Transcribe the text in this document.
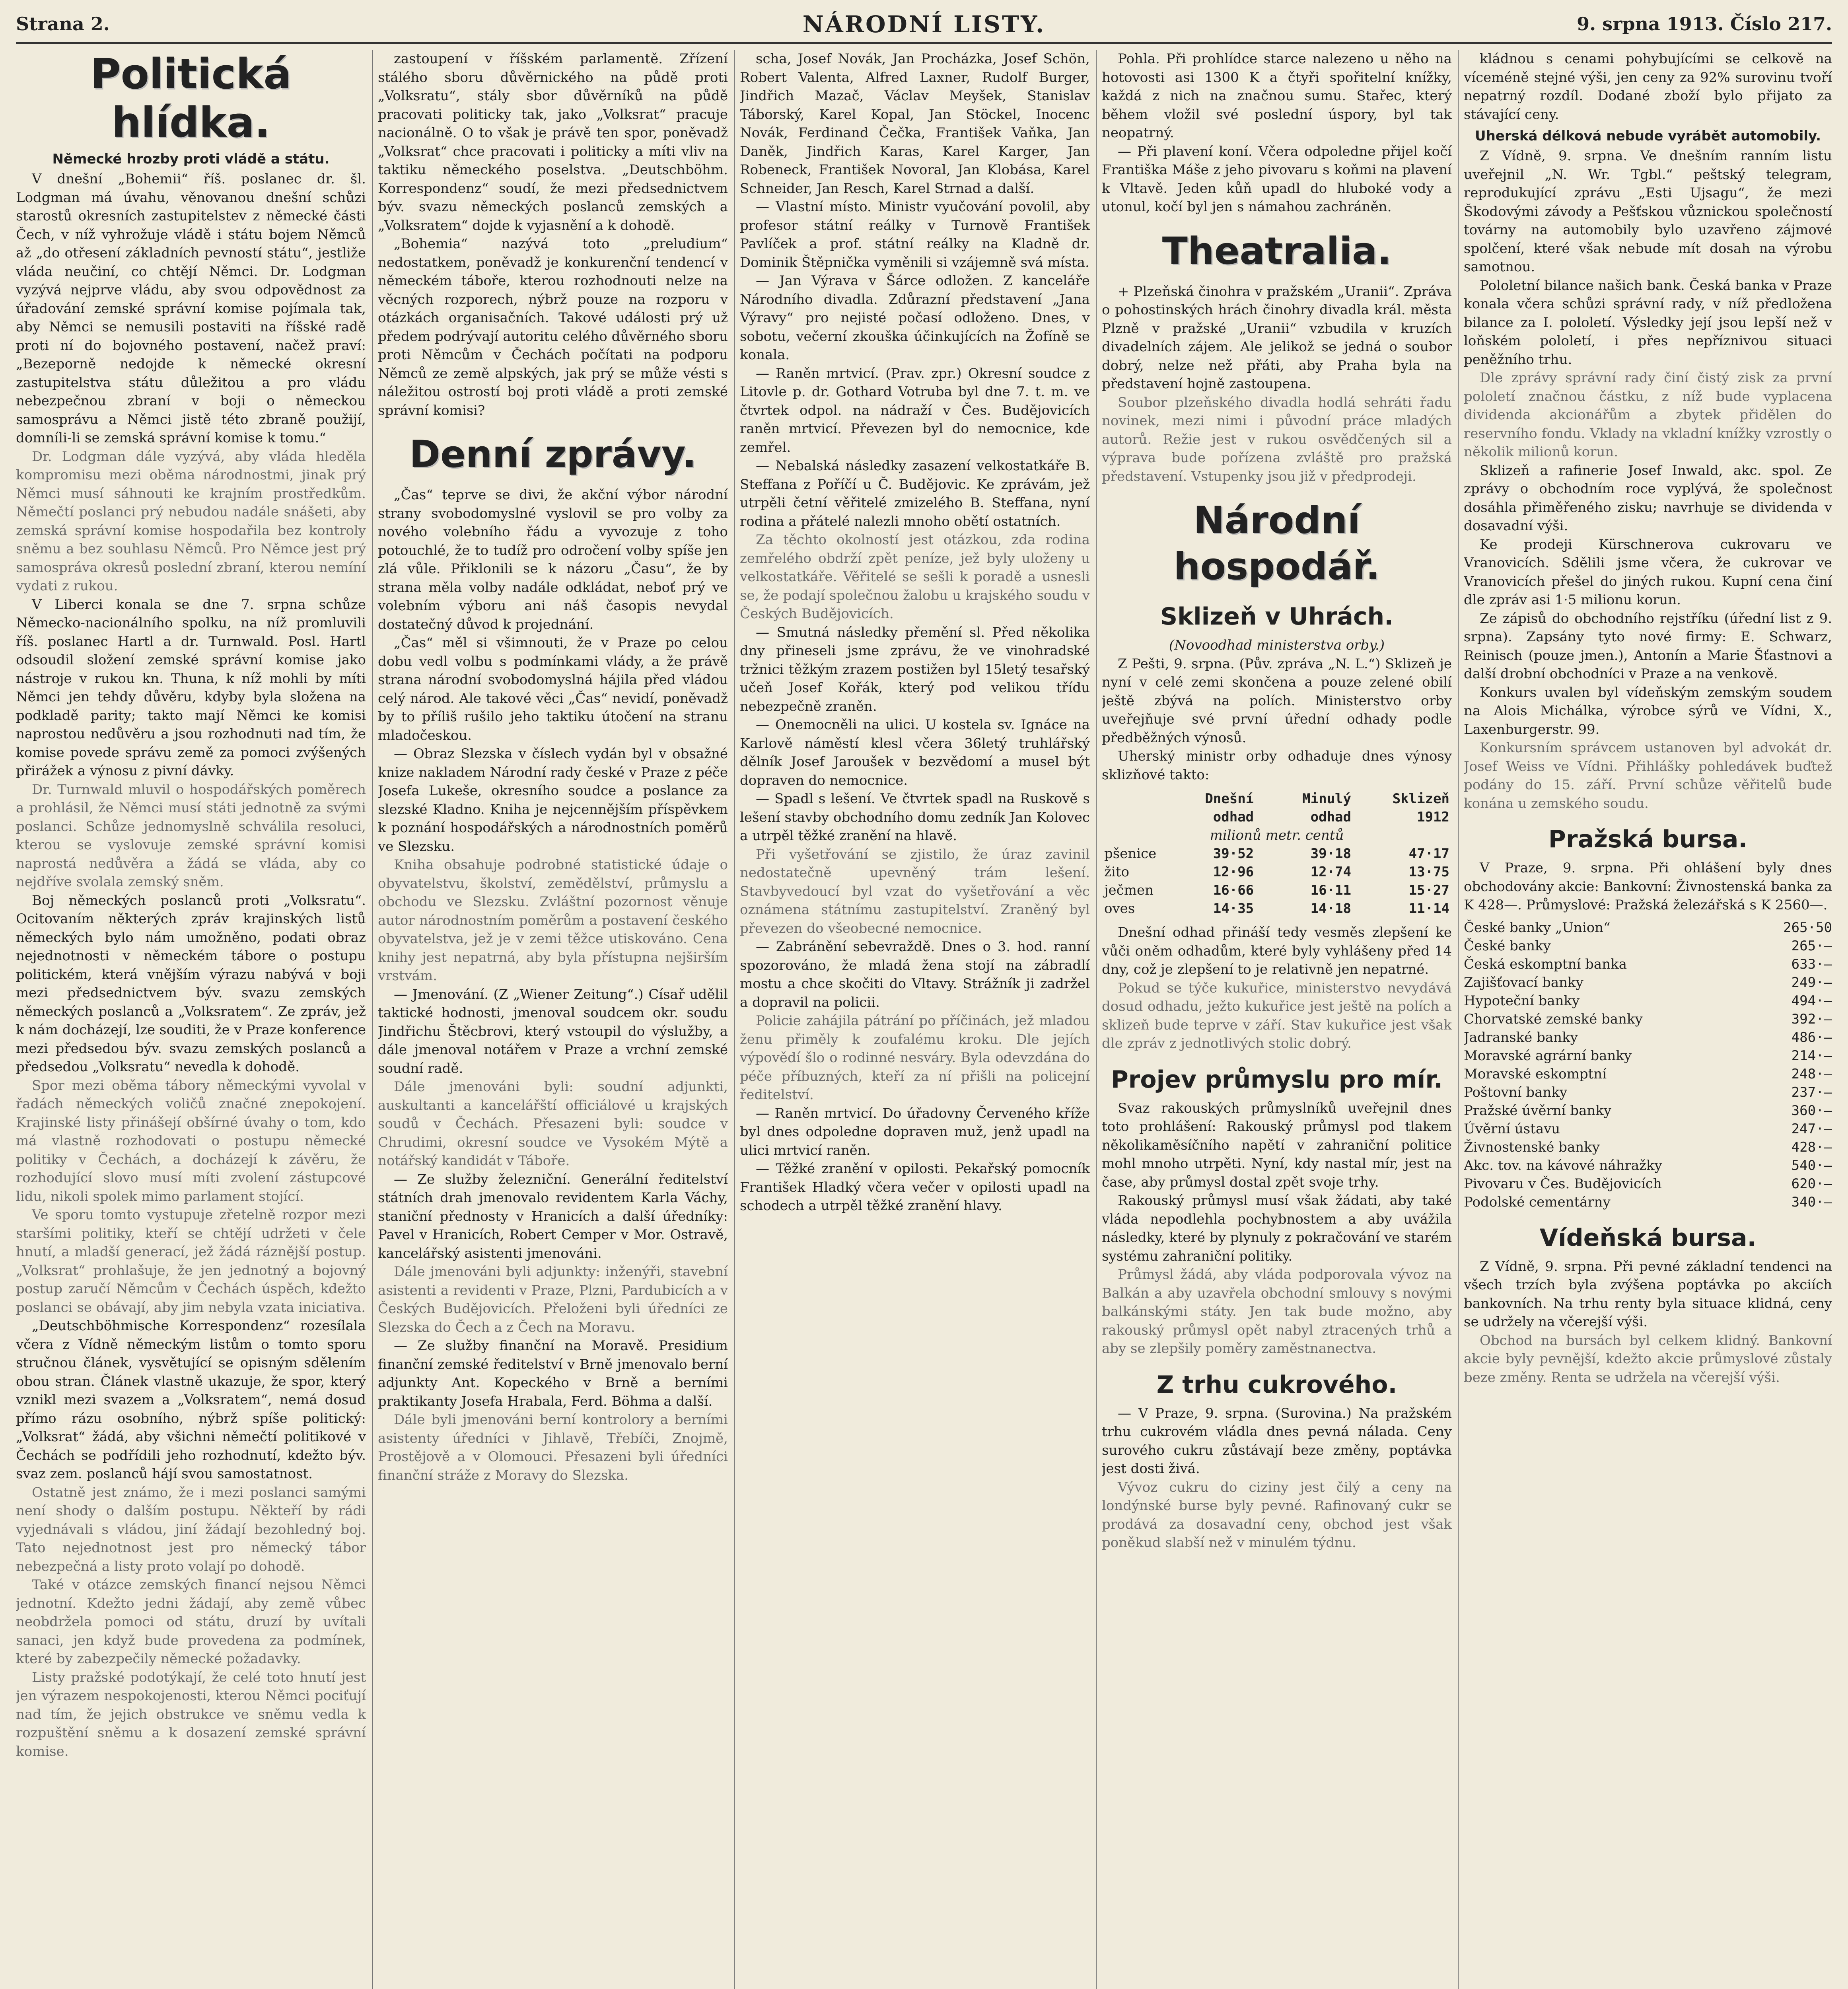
Strana 2.	NÁRODNÍ LISTY.	9. srpna 1913. Číslo 217.
Politická hlídka.
Německé hrozby proti vládě a státu.

V dnešní „Bohemii“ říš. poslanec dr. šl. Lodgman má úvahu, věnovanou dnešní schůzi starostů okresních zastupitelstev z německé části Čech, v níž vyhrožuje vládě i státu bojem Němců až „do otřesení základních pevností státu“, jestliže vláda neučiní, co chtějí Němci. Dr. Lodgman vyzývá nejprve vládu, aby svou odpovědnost za úřadování zemské správní komise pojímala tak, aby Němci se nemusili postaviti na říšské radě proti ní do bojovného postavení, načež praví: „Bezeporně nedojde k německé okresní zastupitelstva státu důležitou a pro vládu nebezpečnou zbraní v boji o německou samosprávu a Němci jistě této zbraně použijí, domníli-li se zemská správní komise k tomu.“

Dr. Lodgman dále vyzývá, aby vláda hleděla kompromisu mezi oběma národnostmi, jinak prý Němci musí sáhnouti ke krajním prostředkům. Němečtí poslanci prý nebudou nadále snášeti, aby zemská správní komise hospodařila bez kontroly sněmu a bez souhlasu Němců. Pro Němce jest prý samospráva okresů poslední zbraní, kterou nemíní vydati z rukou.

V Liberci konala se dne 7. srpna schůze Německo-nacionálního spolku, na níž promluvili říš. poslanec Hartl a dr. Turnwald. Posl. Hartl odsoudil složení zemské správní komise jako nástroje v rukou kn. Thuna, k níž mohli by míti Němci jen tehdy důvěru, kdyby byla složena na podkladě parity; takto mají Němci ke komisi naprostou nedůvěru a jsou rozhodnuti nad tím, že komise povede správu země za pomoci zvýšených přirážek a výnosu z pivní dávky.

Dr. Turnwald mluvil o hospodářských poměrech a prohlásil, že Němci musí státi jednotně za svými poslanci. Schůze jednomyslně schválila resoluci, kterou se vyslovuje zemské správní komisi naprostá nedůvěra a žádá se vláda, aby co nejdříve svolala zemský sněm.

Boj německých poslanců proti „Volksratu“. Ocitovaním některých zpráv krajinských listů německých bylo nám umožněno, podati obraz nejednotnosti v německém tábore o postupu politickém, která vnějším výrazu nabývá v boji mezi předsednictvem býv. svazu zemských německých poslanců a „Volksratem“. Ze zpráv, jež k nám docházejí, lze souditi, že v Praze konference mezi předsedou býv. svazu zemských poslanců a předsedou „Volksratu“ nevedla k dohodě.

Spor mezi oběma tábory německými vyvolal v řadách německých voličů značné znepokojení. Krajinské listy přinášejí obšírné úvahy o tom, kdo má vlastně rozhodovati o postupu německé politiky v Čechách, a docházejí k závěru, že rozhodující slovo musí míti zvolení zástupcové lidu, nikoli spolek mimo parlament stojící.

Ve sporu tomto vystupuje zřetelně rozpor mezi staršími politiky, kteří se chtějí udržeti v čele hnutí, a mladší generací, jež žádá ráznější postup. „Volksrat“ prohlašuje, že jen jednotný a bojovný postup zaručí Němcům v Čechách úspěch, kdežto poslanci se obávají, aby jim nebyla vzata iniciativa.

„Deutschböhmische Korrespondenz“ rozesílala včera z Vídně německým listům o tomto sporu stručnou článek, vysvětující se opisným sdělením obou stran. Článek vlastně ukazuje, že spor, který vznikl mezi svazem a „Volksratem“, nemá dosud přímo rázu osobního, nýbrž spíše politický: „Volksrat“ žádá, aby všichni němečtí politikové v Čechách se podřídili jeho rozhodnutí, kdežto býv. svaz zem. poslanců hájí svou samostatnost.

Ostatně jest známo, že i mezi poslanci samými není shody o dalším postupu. Někteří by rádi vyjednávali s vládou, jiní žádají bezohledný boj. Tato nejednotnost jest pro německý tábor nebezpečná a listy proto volají po dohodě.

Také v otázce zemských financí nejsou Němci jednotní. Kdežto jedni žádají, aby země vůbec neobdržela pomoci od státu, druzí by uvítali sanaci, jen když bude provedena za podmínek, které by zabezpečily německé požadavky.

Listy pražské podotýkají, že celé toto hnutí jest jen výrazem nespokojenosti, kterou Němci pociťují nad tím, že jejich obstrukce ve sněmu vedla k rozpuštění sněmu a k dosazení zemské správní komise.

zastoupení v říšském parlamentě. Zřízení stálého sboru důvěrnického na půdě proti „Volksratu“, stály sbor důvěrníků na půdě pracovati politicky tak, jako „Volksrat“ pracuje nacionálně. O to však je právě ten spor, poněvadž „Volksrat“ chce pracovati i politicky a míti vliv na taktiku německého poselstva. „Deutschböhm. Korrespondenz“ soudí, že mezi předsednictvem býv. svazu německých poslanců zemských a „Volksratem“ dojde k vyjasnění a k dohodě.

„Bohemia“ nazývá toto „preludium“ nedostatkem, poněvadž je konkurenční tendencí v německém táboře, kterou rozhodnouti nelze na věcných rozporech, nýbrž pouze na rozporu v otázkách organisačních. Takové události prý už předem podrývají autoritu celého důvěrného sboru proti Němcům v Čechách počítati na podporu Němců ze země alpských, jak prý se může vésti s náležitou ostrostí boj proti vládě a proti zemské správní komisi?

Denní zprávy.

„Čas“ teprve se divi, že akční výbor národní strany svobodomyslné vyslovil se pro volby za nového volebního řádu a vyvozuje z toho potouchlé, že to tudíž pro odročení volby spíše jen zlá vůle. Přiklonili se k názoru „Času“, že by strana měla volby nadále odkládat, neboť prý ve volebním výboru ani náš časopis nevydal dostatečný důvod k projednání.

„Čas“ měl si všimnouti, že v Praze po celou dobu vedl volbu s podmínkami vlády, a že právě strana národní svobodomyslná hájila před vládou celý národ. Ale takové věci „Čas“ nevidí, poněvadž by to příliš rušilo jeho taktiku útočení na stranu mladočeskou.

— Obraz Slezska v číslech vydán byl v obsažné knize nakladem Národní rady české v Praze z péče Josefa Lukeše, okresního soudce a poslance za slezské Kladno. Kniha je nejcennějším příspěvkem k poznání hospodářských a národnostních poměrů ve Slezsku.

Kniha obsahuje podrobné statistické údaje o obyvatelstvu, školství, zemědělství, průmyslu a obchodu ve Slezsku. Zvláštní pozornost věnuje autor národnostním poměrům a postavení českého obyvatelstva, jež je v zemi těžce utiskováno. Cena knihy jest nepatrná, aby byla přístupna nejširším vrstvám.

— Jmenování. (Z „Wiener Zeitung“.) Císař udělil taktické hodnosti, jmenoval soudcem okr. soudu Jindřichu Štěcbrovi, který vstoupil do výslužby, a dále jmenoval notářem v Praze a vrchní zemské soudní radě.

Dále jmenováni byli: soudní adjunkti, auskultanti a kancelářští officiálové u krajských soudů v Čechách. Přesazeni byli: soudce v Chrudimi, okresní soudce ve Vysokém Mýtě a notářský kandidát v Táboře.

— Ze služby železniční. Generální ředitelství státních drah jmenovalo revidentem Karla Váchy, staniční přednosty v Hranicích a další úředníky: Pavel v Hranicích, Robert Cemper v Mor. Ostravě, kancelářský asistenti jmenováni.

Dále jmenováni byli adjunkty: inženýři, stavební asistenti a revidenti v Praze, Plzni, Pardubicích a v Českých Budějovicích. Přeloženi byli úředníci ze Slezska do Čech a z Čech na Moravu.

— Ze služby finanční na Moravě. Presidium finanční zemské ředitelství v Brně jmenovalo berní adjunkty Ant. Kopeckého v Brně a berními praktikanty Josefa Hrabala, Ferd. Böhma a další.

Dále byli jmenováni berní kontrolory a berními asistenty úředníci v Jihlavě, Třebíči, Znojmě, Prostějově a v Olomouci. Přesazeni byli úředníci finanční stráže z Moravy do Slezska.

scha, Josef Novák, Jan Procházka, Josef Schön, Robert Valenta, Alfred Laxner, Rudolf Burger, Jindřich Mazač, Václav Meyšek, Stanislav Táborský, Karel Kopal, Jan Stöckel, Inocenc Novák, Ferdinand Čečka, František Vaňka, Jan Daněk, Jindřich Karas, Karel Karger, Jan Robeneck, František Novoral, Jan Klobása, Karel Schneider, Jan Resch, Karel Strnad a další.

— Vlastní místo. Ministr vyučování povolil, aby profesor státní reálky v Turnově František Pavlíček a prof. státní reálky na Kladně dr. Dominik Štěpnička vyměnili si vzájemně svá místa.

— Jan Výrava v Šárce odložen. Z kanceláře Národního divadla. Zdůrazní představení „Jana Výravy“ pro nejisté počasí odloženo. Dnes, v sobotu, večerní zkouška účinkujících na Žofíně se konala.

— Raněn mrtvicí. (Prav. zpr.) Okresní soudce z Litovle p. dr. Gothard Votruba byl dne 7. t. m. ve čtvrtek odpol. na nádraží v Čes. Budějovicích raněn mrtvicí. Převezen byl do nemocnice, kde zemřel.

— Nebalská následky zasazení velkostatkáře B. Steffana z Poříčí u Č. Budějovic. Ke zprávám, jež utrpěli četní věřitelé zmizelého B. Steffana, nyní rodina a přátelé nalezli mnoho obětí ostatních.

Za těchto okolností jest otázkou, zda rodina zemřelého obdrží zpět peníze, jež byly uloženy u velkostatkáře. Věřitelé se sešli k poradě a usnesli se, že podají společnou žalobu u krajského soudu v Českých Budějovicích.

— Smutná následky přemění sl. Před několika dny přineseli jsme zprávu, že ve vinohradské tržnici těžkým zrazem postižen byl 15letý tesařský učeň Josef Kořák, který pod velikou třídu nebezpečně zraněn.

— Onemocněli na ulici. U kostela sv. Ignáce na Karlově náměstí klesl včera 36letý truhlářský dělník Josef Jaroušek v bezvědomí a musel být dopraven do nemocnice.

— Spadl s lešení. Ve čtvrtek spadl na Ruskově s lešení stavby obchodního domu zedník Jan Kolovec a utrpěl těžké zranění na hlavě.

Při vyšetřování se zjistilo, že úraz zavinil nedostatečně upevněný trám lešení. Stavbyvedoucí byl vzat do vyšetřování a věc oznámena státnímu zastupitelství. Zraněný byl převezen do všeobecné nemocnice.

— Zabránění sebevraždě. Dnes o 3. hod. ranní spozorováno, že mladá žena stojí na zábradlí mostu a chce skočiti do Vltavy. Strážník ji zadržel a dopravil na policii.

Policie zahájila pátrání po příčinách, jež mladou ženu přiměly k zoufalému kroku. Dle jejích výpovědí šlo o rodinné nesváry. Byla odevzdána do péče příbuzných, kteří za ní přišli na policejní ředitelství.

— Raněn mrtvicí. Do úřadovny Červeného kříže byl dnes odpoledne dopraven muž, jenž upadl na ulici mrtvicí raněn.

— Těžké zranění v opilosti. Pekařský pomocník František Hladký včera večer v opilosti upadl na schodech a utrpěl těžké zranění hlavy.

Pohla. Při prohlídce starce nalezeno u něho na hotovosti asi 1300 K a čtyři spořitelní knížky, každá z nich na značnou sumu. Stařec, který během vložil své poslední úspory, byl tak neopatrný.

— Při plavení koní. Včera odpoledne přijel kočí Františka Máše z jeho pivovaru s koňmi na plavení k Vltavě. Jeden kůň upadl do hluboké vody a utonul, kočí byl jen s námahou zachráněn.

Theatralia.

+ Plzeňská činohra v pražském „Uranii“. Zpráva o pohostinských hrách činohry divadla král. města Plzně v pražské „Uranii“ vzbudila v kruzích divadelních zájem. Ale jelikož se jedná o soubor dobrý, nelze než přáti, aby Praha byla na představení hojně zastoupena.

Soubor plzeňského divadla hodlá sehráti řadu novinek, mezi nimi i původní práce mladých autorů. Režie jest v rukou osvědčených sil a výprava bude pořízena zvláště pro pražská představení. Vstupenky jsou již v předprodeji.

Národní hospodář.
Sklizeň v Uhrách.
(Novoodhad ministerstva orby.)

Z Pešti, 9. srpna. (Pův. zpráva „N. L.“) Sklizeň je nyní v celé zemi skončena a pouze zelené obilí ještě zbývá na polích. Ministerstvo orby uveřejňuje své první úřední odhady podle předběžných výnosů.

Uherský ministr orby odhaduje dnes výnosy sklizňové takto:

	Dnešní odhad	Minulý odhad	Sklizeň 1912
milionů metr. centů			
pšenice	39·52	39·18	47·17
žito	12·96	12·74	13·75
ječmen	16·66	16·11	15·27
oves	14·35	14·18	11·14

Dnešní odhad přináší tedy vesměs zlepšení ke vůči oněm odhadům, které byly vyhlášeny před 14 dny, což je zlepšení to je relativně jen nepatrné.

Pokud se týče kukuřice, ministerstvo nevydává dosud odhadu, ježto kukuřice jest ještě na polích a sklizeň bude teprve v září. Stav kukuřice jest však dle zpráv z jednotlivých stolic dobrý.

Projev průmyslu pro mír.

Svaz rakouských průmyslníků uveřejnil dnes toto prohlášení: Rakouský průmysl pod tlakem několikaměsíčního napětí v zahraniční politice mohl mnoho utrpěti. Nyní, kdy nastal mír, jest na čase, aby průmysl dostal zpět svoje trhy.

Rakouský průmysl musí však žádati, aby také vláda nepodlehla pochybnostem a aby uvážila následky, které by plynuly z pokračování ve starém systému zahraniční politiky.

Průmysl žádá, aby vláda podporovala vývoz na Balkán a aby uzavřela obchodní smlouvy s novými balkánskými státy. Jen tak bude možno, aby rakouský průmysl opět nabyl ztracených trhů a aby se zlepšily poměry zaměstnanectva.

Z trhu cukrového.

— V Praze, 9. srpna. (Surovina.) Na pražském trhu cukrovém vládla dnes pevná nálada. Ceny surového cukru zůstávají beze změny, poptávka jest dosti živá.

Vývoz cukru do ciziny jest čilý a ceny na londýnské burse byly pevné. Rafinovaný cukr se prodává za dosavadní ceny, obchod jest však poněkud slabší než v minulém týdnu.

kládnou s cenami pohybujícími se celkově na víceméně stejné výši, jen ceny za 92% surovinu tvoří nepatrný rozdíl. Dodané zboží bylo přijato za stávající ceny.

Uherská délková nebude vyrábět automobily.

Z Vídně, 9. srpna. Ve dnešním ranním listu uveřejnil „N. Wr. Tgbl.“ peštský telegram, reprodukující zprávu „Esti Ujsagu“, že mezi Škodovými závody a Pešťskou vůznickou společností továrny na automobily bylo uzavřeno zájmové spolčení, které však nebude mít dosah na výrobu samotnou.

Pololetní bilance našich bank. Česká banka v Praze konala včera schůzi správní rady, v níž předložena bilance za I. pololetí. Výsledky její jsou lepší než v loňském pololetí, i přes nepříznivou situaci peněžního trhu.

Dle zprávy správní rady činí čistý zisk za první pololetí značnou částku, z níž bude vyplacena dividenda akcionářům a zbytek přidělen do reservního fondu. Vklady na vkladní knížky vzrostly o několik milionů korun.

Sklizeň a rafinerie Josef Inwald, akc. spol. Ze zprávy o obchodním roce vyplývá, že společnost dosáhla přiměřeného zisku; navrhuje se dividenda v dosavadní výši.

Ke prodeji Kürschnerova cukrovaru ve Vranovicích. Sdělili jsme včera, že cukrovar ve Vranovicích přešel do jiných rukou. Kupní cena činí dle zpráv asi 1·5 milionu korun.

Ze zápisů do obchodního rejstříku (úřední list z 9. srpna). Zapsány tyto nové firmy: E. Schwarz, Reinisch (pouze jmen.), Antonín a Marie Šťastnovi a další drobní obchodníci v Praze a na venkově.

Konkurs uvalen byl vídeňským zemským soudem na Alois Michálka, výrobce sýrů ve Vídni, X., Laxenburgerstr. 99.

Konkursním správcem ustanoven byl advokát dr. Josef Weiss ve Vídni. Přihlášky pohledávek buďtež podány do 15. září. První schůze věřitelů bude konána u zemského soudu.

Pražská bursa.

V Praze, 9. srpna. Při ohlášení byly dnes obchodovány akcie: Bankovní: Živnostenská banka za K 428—. Průmyslové: Pražská železářská s K 2560—.

České banky „Union“	265·50
České banky	265·—
Česká eskomptní banka	633·—
Zajišťovací banky	249·—
Hypoteční banky	494·—
Chorvatské zemské banky	392·—
Jadranské banky	486·—
Moravské agrární banky	214·—
Moravské eskomptní	248·—
Poštovní banky	237·—
Pražské úvěrní banky	360·—
Úvěrní ústavu	247·—
Živnostenské banky	428·—
Akc. tov. na kávové náhražky	540·—
Pivovaru v Čes. Budějovicích	620·—
Podolské cementárny	340·—
Vídeňská bursa.

Z Vídně, 9. srpna. Při pevné základní tendenci na všech trzích byla zvýšena poptávka po akciích bankovních. Na trhu renty byla situace klidná, ceny se udržely na včerejší výši.

Obchod na bursách byl celkem klidný. Bankovní akcie byly pevnější, kdežto akcie průmyslové zůstaly beze změny. Renta se udržela na včerejší výši.
